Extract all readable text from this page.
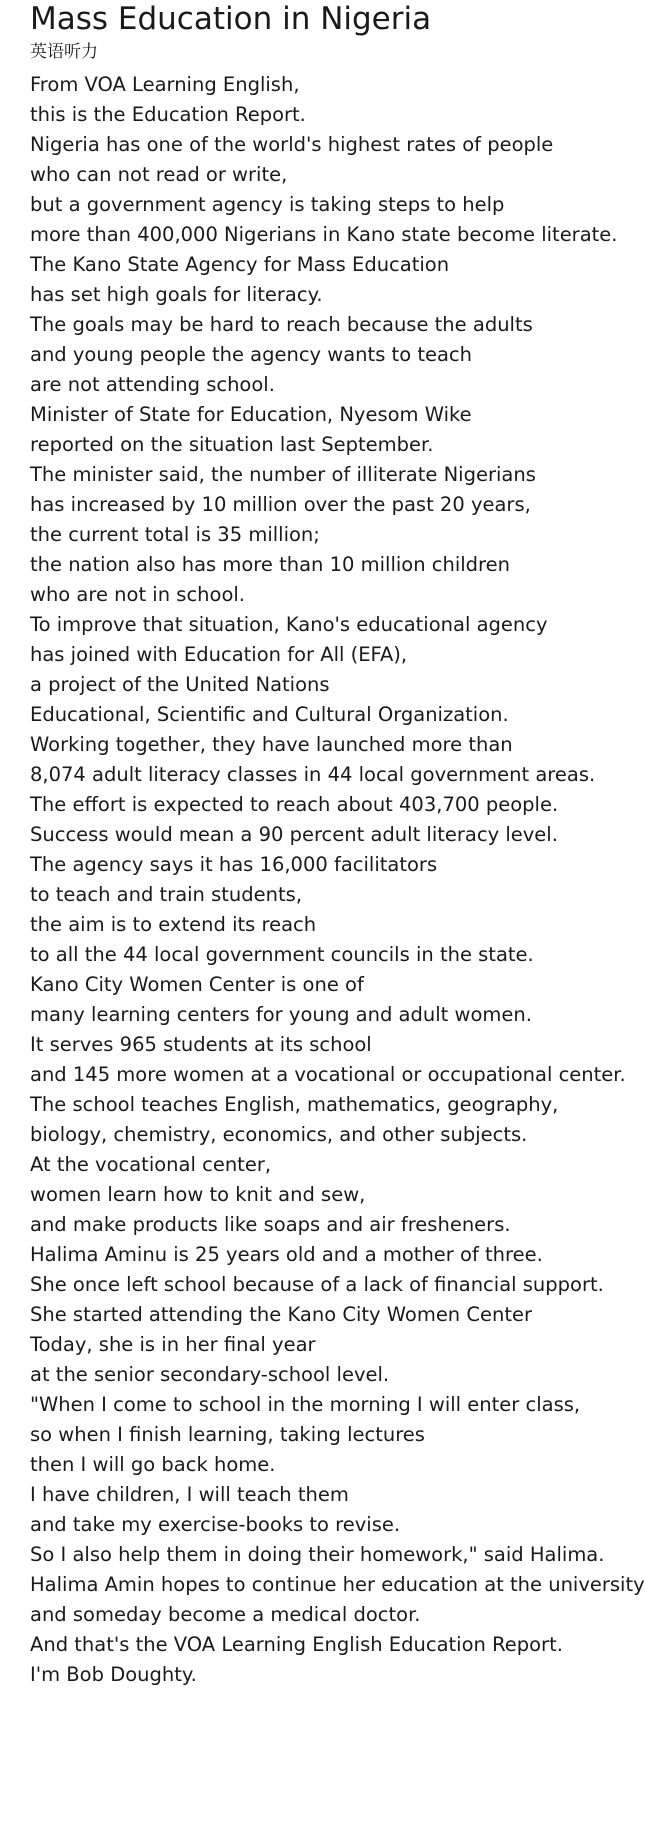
Mass Education in Nigeria
英语听力
From VOA Learning English,
this is the Education Report.
Nigeria has one of the world's highest rates of people
who can not read or write,
but a government agency is taking steps to help
more than 400,000 Nigerians in Kano state become literate.
The Kano State Agency for Mass Education
has set high goals for literacy.
The goals may be hard to reach because the adults
and young people the agency wants to teach
are not attending school.
Minister of State for Education, Nyesom Wike
reported on the situation last September.
The minister said, the number of illiterate Nigerians
has increased by 10 million over the past 20 years,
the current total is 35 million;
the nation also has more than 10 million children
who are not in school.
To improve that situation, Kano's educational agency
has joined with Education for All (EFA),
a project of the United Nations
Educational, Scientific and Cultural Organization.
Working together, they have launched more than
8,074 adult literacy classes in 44 local government areas.
The effort is expected to reach about 403,700 people.
Success would mean a 90 percent adult literacy level.
The agency says it has 16,000 facilitators
to teach and train students,
the aim is to extend its reach
to all the 44 local government councils in the state.
Kano City Women Center is one of
many learning centers for young and adult women.
It serves 965 students at its school
and 145 more women at a vocational or occupational center.
The school teaches English, mathematics, geography,
biology, chemistry, economics, and other subjects.
At the vocational center,
women learn how to knit and sew,
and make products like soaps and air fresheners.
Halima Aminu is 25 years old and a mother of three.
She once left school because of a lack of financial support.
She started attending the Kano City Women Center
Today, she is in her final year
at the senior secondary-school level.
"When I come to school in the morning I will enter class,
so when I finish learning, taking lectures
then I will go back home.
I have children, I will teach them
and take my exercise-books to revise.
So I also help them in doing their homework," said Halima.
Halima Amin hopes to continue her education at the university
and someday become a medical doctor.
And that's the VOA Learning English Education Report.
I'm Bob Doughty.
